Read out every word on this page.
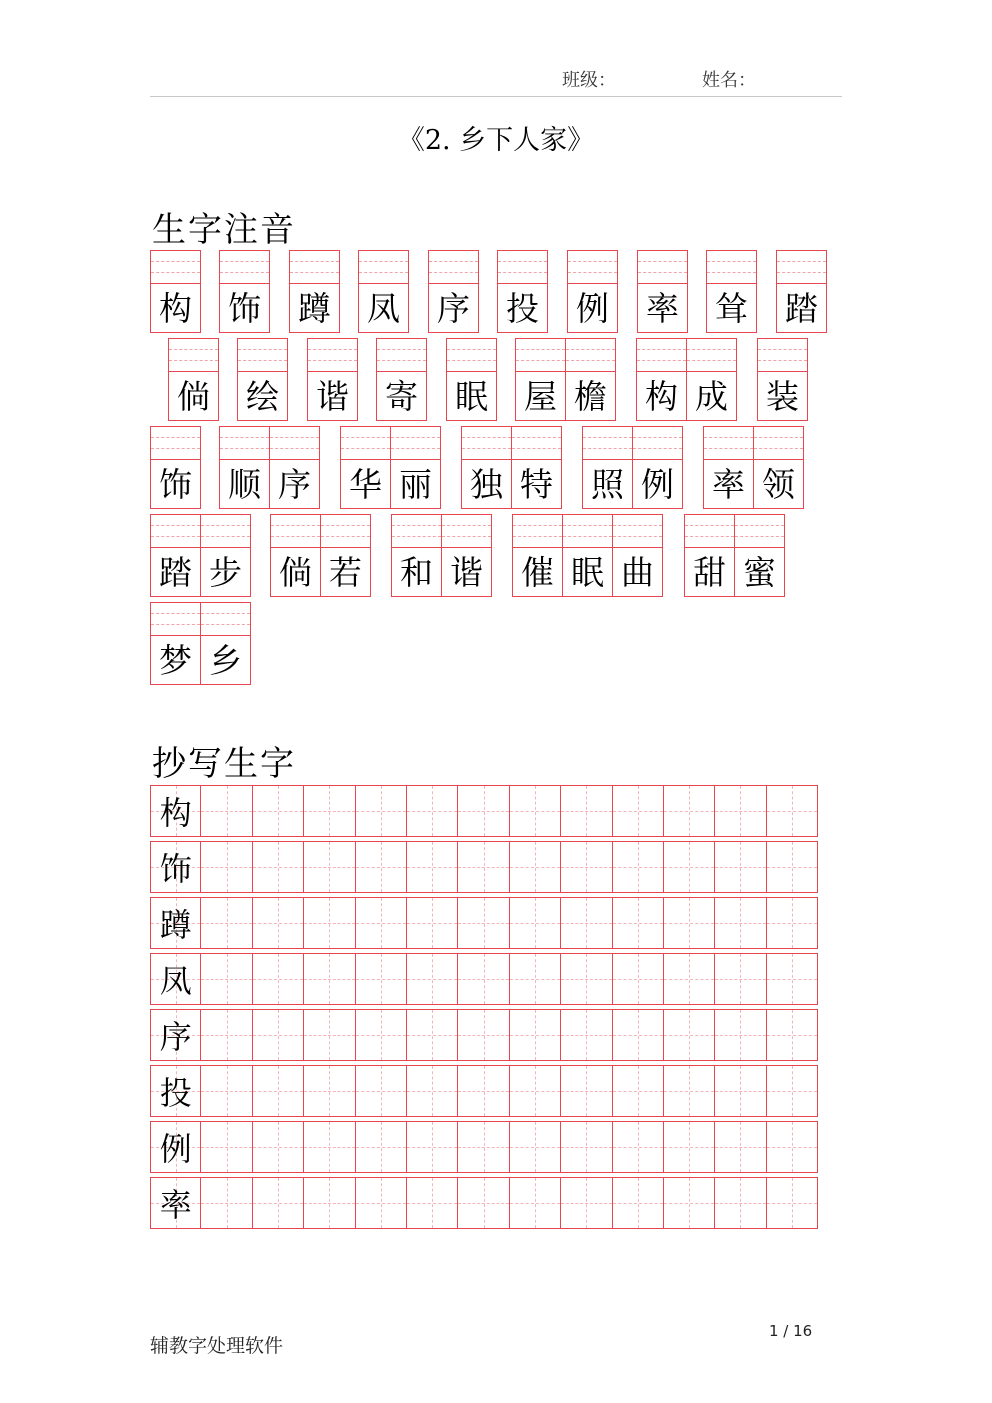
班级：	姓名：
《2. 乡下人家》
生字注音
构 饰 蹲 凤 序 投 例 率 耸 踏
倘 绘 谐 寄 眠 屋 檐 构 成 装
饰 顺 序 华 丽 独 特 照 例 率 领
踏 步 倘 若 和 谐 催 眠 曲 甜 蜜
梦 乡
抄写生字
构
饰
蹲
凤
序
投
例
率
辅教字处理软件
1 / 16
